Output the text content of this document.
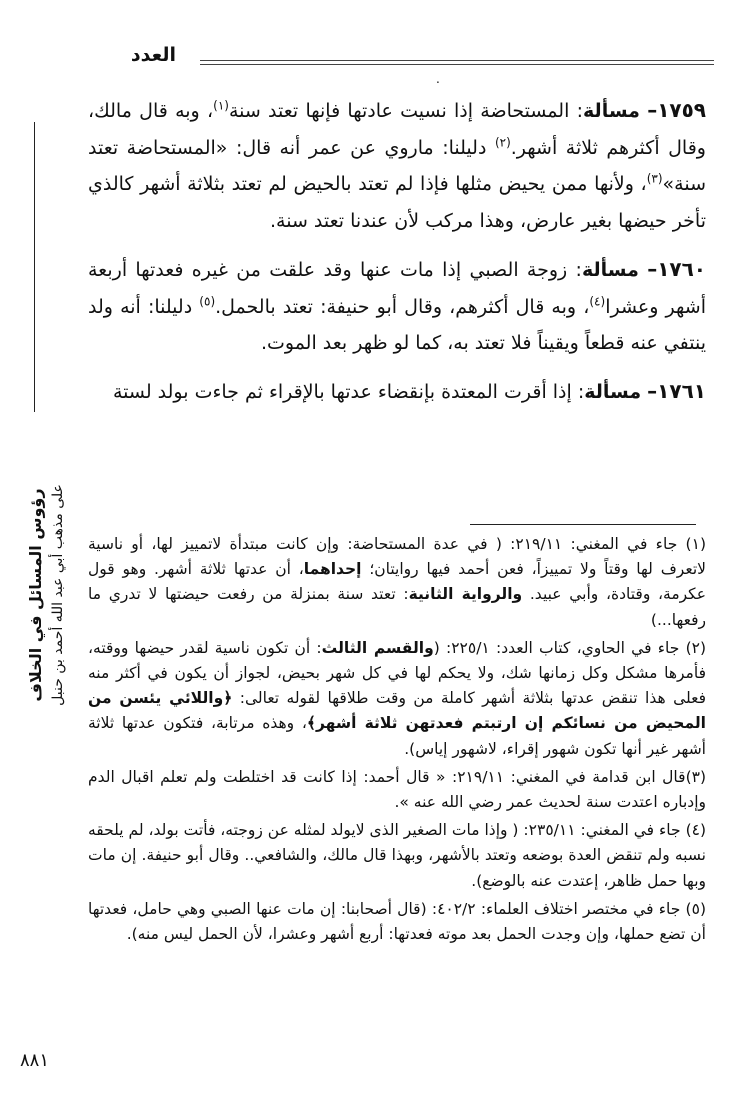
العدد
.

١٧٥٩– مسألة: المستحاضة إذا نسيت عادتها فإنها تعتد سنة$^{(١)}$، وبه قال مالك، وقال أكثرهم ثلاثة أشهر.$^{(٢)}$ دليلنا: ماروي عن عمر أنه قال: «المستحاضة تعتد سنة»$^{(٣)}$، ولأنها ممن يحيض مثلها فإذا لم تعتد بالحيض لم تعتد بثلاثة أشهر كالذي تأخر حيضها بغير عارض، وهذا مركب لأن عندنا تعتد سنة.

١٧٦٠– مسألة: زوجة الصبي إذا مات عنها وقد علقت من غيره فعدتها أربعة أشهر وعشرا$^{(٤)}$، وبه قال أكثرهم، وقال أبو حنيفة: تعتد بالحمل.$^{(٥)}$ دليلنا: أنه ولد ينتفي عنه قطعاً ويقيناً فلا تعتد به، كما لو ظهر بعد الموت.

١٧٦١– مسألة: إذا أقرت المعتدة بإنقضاء عدتها بالإقراء ثم جاءت بولد لستة

(١) جاء في المغني: ٢١٩/١١: ( في عدة المستحاضة: وإن كانت مبتدأة لاتمييز لها، أو ناسية لاتعرف لها وقتاً ولا تمييزاً، فعن أحمد فيها روايتان؛ إحداهما، أن عدتها ثلاثة أشهر. وهو قول عكرمة، وقتادة، وأبي عبيد. والرواية الثانية: تعتد سنة بمنزلة من رفعت حيضتها لا تدري ما رفعها...)

(٢) جاء في الحاوي، كتاب العدد: ٢٢٥/١: (والقسم الثالث: أن تكون ناسية لقدر حيضها ووقته، فأمرها مشكل وكل زمانها شك، ولا يحكم لها في كل شهر بحيض، لجواز أن يكون في أكثر منه فعلى هذا تنقض عدتها بثلاثة أشهر كاملة من وقت طلاقها لقوله تعالى: ﴿واللائي يئسن من المحيض من نسائكم إن ارتبتم فعدتهن ثلاثة أشهر﴾، وهذه مرتابة، فتكون عدتها ثلاثة أشهر غير أنها تكون شهور إقراء، لاشهور إياس).

(٣)قال ابن قدامة في المغني: ٢١٩/١١: « قال أحمد: إذا كانت قد اختلطت ولم تعلم اقبال الدم وإدباره اعتدت سنة لحديث عمر رضي الله عنه ».

(٤) جاء في المغني: ٢٣٥/١١: ( وإذا مات الصغير الذى لايولد لمثله عن زوجته، فأتت بولد، لم يلحقه نسبه ولم تنقض العدة بوضعه وتعتد بالأشهر، وبهذا قال مالك، والشافعي.. وقال أبو حنيفة. إن مات وبها حمل ظاهر، إعتدت عنه بالوضع).

(٥) جاء في مختصر اختلاف العلماء: ٤٠٢/٢: (قال أصحابنا: إن مات عنها الصبي وهي حامل، فعدتها أن تضع حملها، وإن وجدت الحمل بعد موته فعدتها: أربع أشهر وعشرا، لأن الحمل ليس منه).

رؤوس المسائل في الخلاف على مذهب أبي عبد الله أحمد بن حنبل
٨٨١
